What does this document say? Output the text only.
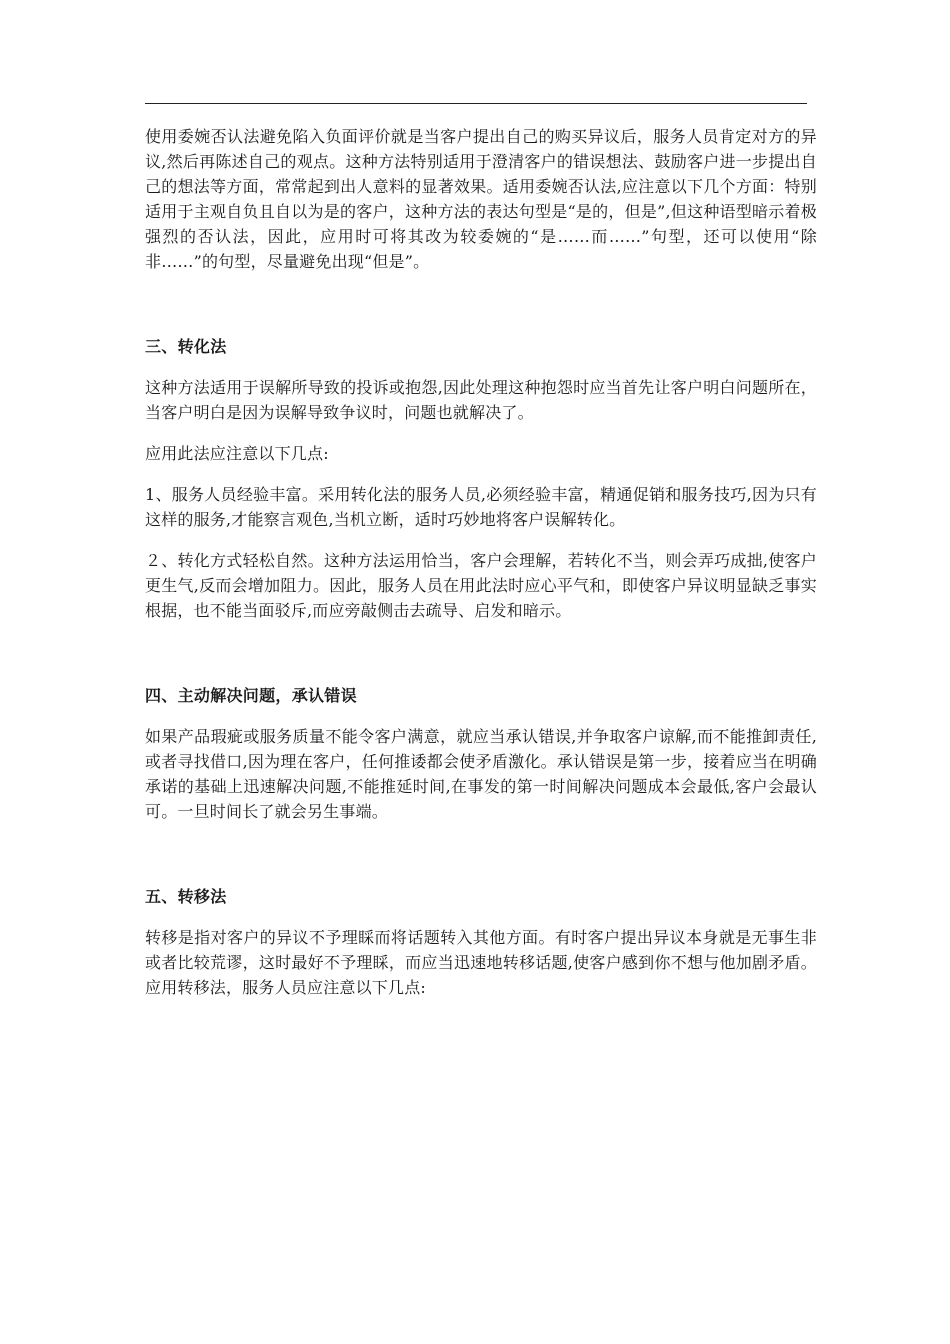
使用委婉否认法避免陷入负面评价就是当客户提出自己的购买异议后，服务人员肯定对方的异议,然后再陈述自己的观点。这种方法特别适用于澄清客户的错误想法、鼓励客户进一步提出自己的想法等方面，常常起到出人意料的显著效果。适用委婉否认法,应注意以下几个方面：特别适用于主观自负且自以为是的客户，这种方法的表达句型是“是的，但是”,但这种语型暗示着极强烈的否认法，因此，应用时可将其改为较委婉的“是……而……”句型，还可以使用“除非……”的句型，尽量避免出现“但是”。

三、转化法

这种方法适用于误解所导致的投诉或抱怨,因此处理这种抱怨时应当首先让客户明白问题所在，当客户明白是因为误解导致争议时，问题也就解决了。

应用此法应注意以下几点:

1、服务人员经验丰富。采用转化法的服务人员,必须经验丰富，精通促销和服务技巧,因为只有这样的服务,才能察言观色,当机立断，适时巧妙地将客户误解转化。

２、转化方式轻松自然。这种方法运用恰当，客户会理解，若转化不当，则会弄巧成拙,使客户更生气,反而会增加阻力。因此，服务人员在用此法时应心平气和，即使客户异议明显缺乏事实根据，也不能当面驳斥,而应旁敲侧击去疏导、启发和暗示。

四、主动解决问题，承认错误

如果产品瑕疵或服务质量不能令客户满意，就应当承认错误,并争取客户谅解,而不能推卸责任,或者寻找借口,因为理在客户，任何推诿都会使矛盾激化。承认错误是第一步，接着应当在明确承诺的基础上迅速解决问题,不能推延时间,在事发的第一时间解决问题成本会最低,客户会最认可。一旦时间长了就会另生事端。

五、转移法

转移是指对客户的异议不予理睬而将话题转入其他方面。有时客户提出异议本身就是无事生非或者比较荒谬，这时最好不予理睬，而应当迅速地转移话题,使客户感到你不想与他加剧矛盾。应用转移法，服务人员应注意以下几点:
